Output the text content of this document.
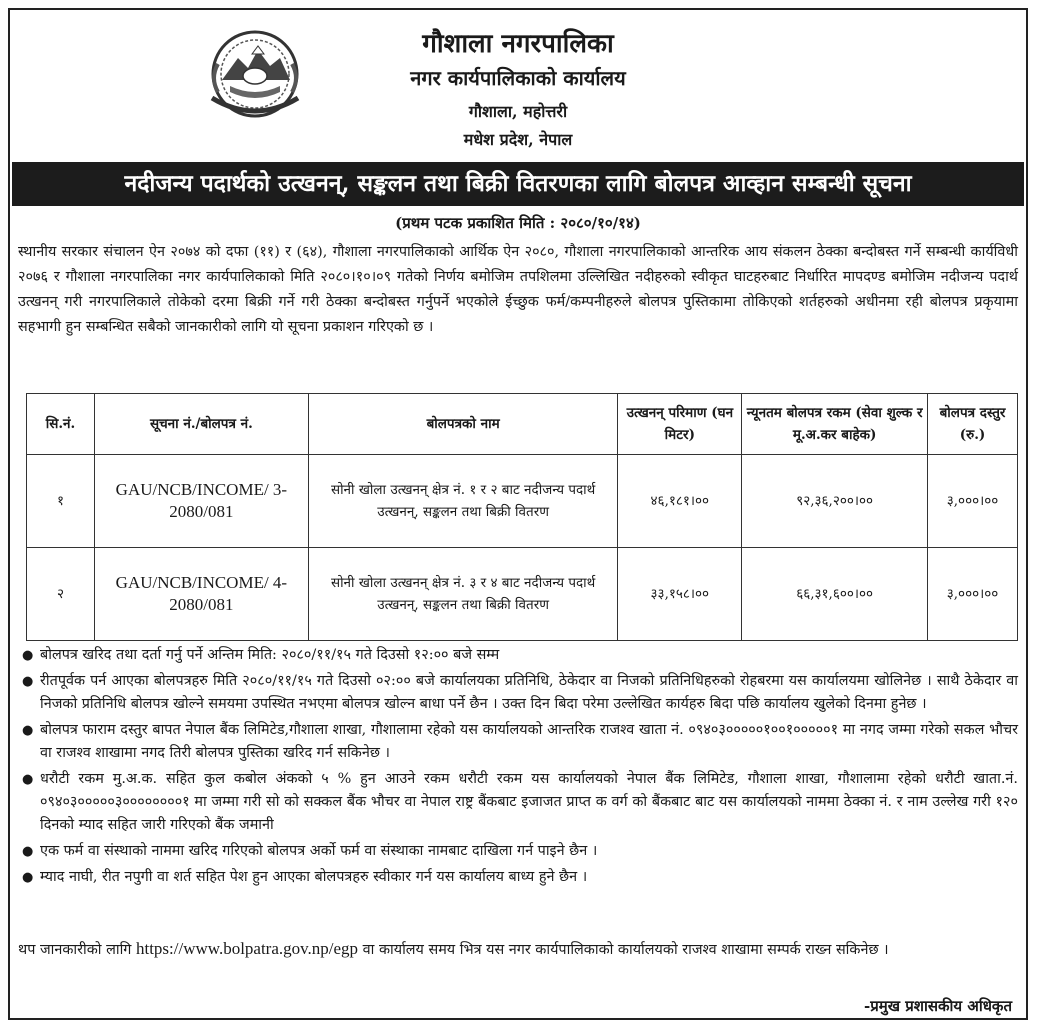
गौशाला नगरपालिका
नगर कार्यपालिकाको कार्यालय
गौशाला, महोत्तरी
मधेश प्रदेश, नेपाल
नदीजन्य पदार्थको उत्खनन्, सङ्कलन तथा बिक्री वितरणका लागि बोलपत्र आव्हान सम्बन्धी सूचना
(प्रथम पटक प्रकाशित मिति : २०८०/१०/१४)
स्थानीय सरकार संचालन ऐन २०७४ को दफा (११) र (६४), गौशाला नगरपालिकाको आर्थिक ऐन २०८०, गौशाला नगरपालिकाको आन्तरिक आय संकलन ठेक्का बन्दोबस्त गर्ने सम्बन्धी कार्यविधी २०७६ र गौशाला नगरपालिका नगर कार्यपालिकाको मिति २०८०।१०।०९ गतेको निर्णय बमोजिम तपशिलमा उल्लिखित नदीहरुको स्वीकृत घाटहरुबाट निर्धारित मापदण्ड बमोजिम नदीजन्य पदार्थ उत्खनन् गरी नगरपालिकाले तोकेको दरमा बिक्री गर्ने गरी ठेक्का बन्दोबस्त गर्नुपर्ने भएकोले ईच्छुक फर्म/कम्पनीहरुले बोलपत्र पुस्तिकामा तोकिएको शर्तहरुको अधीनमा रही बोलपत्र प्रकृयामा सहभागी हुन सम्बन्धित सबैको जानकारीको लागि यो सूचना प्रकाशन गरिएको छ ।
सि.नं.	सूचना नं./बोलपत्र नं.	बोलपत्रको नाम	उत्खनन् परिमाण (घन मिटर)	न्यूनतम बोलपत्र रकम (सेवा शुल्क र मू.अ.कर बाहेक)	बोलपत्र दस्तुर (रु.)
१	GAU/NCB/INCOME/ 3-2080/081	सोनी खोला उत्खनन् क्षेत्र नं. १ र २ बाट नदीजन्य पदार्थ उत्खनन्, सङ्कलन तथा बिक्री वितरण	४६,१८१।००	९२,३६,२००।००	३,०००।००
२	GAU/NCB/INCOME/ 4-2080/081	सोनी खोला उत्खनन् क्षेत्र नं. ३ र ४ बाट नदीजन्य पदार्थ उत्खनन्, सङ्कलन तथा बिक्री वितरण	३३,१५८।००	६६,३१,६००।००	३,०००।००
● बोलपत्र खरिद तथा दर्ता गर्नु पर्ने अन्तिम मिति: २०८०/११/१५ गते दिउसो १२:०० बजे सम्म
● रीतपूर्वक पर्न आएका बोलपत्रहरु मिति २०८०/११/१५ गते दिउसो ०२:०० बजे कार्यालयका प्रतिनिधि, ठेकेदार वा निजको प्रतिनिधिहरुको रोहबरमा यस कार्यालयमा खोलिनेछ । साथै ठेकेदार वा निजको प्रतिनिधि बोलपत्र खोल्ने समयमा उपस्थित नभएमा बोलपत्र खोल्न बाधा पर्ने छैन । उक्त दिन बिदा परेमा उल्लेखित कार्यहरु बिदा पछि कार्यालय खुलेको दिनमा हुनेछ ।
● बोलपत्र फाराम दस्तुर बापत नेपाल बैंक लिमिटेड,गौशाला शाखा, गौशालामा रहेको यस कार्यालयको आन्तरिक राजश्व खाता नं. ०९४०३०००००१००१०००००१ मा नगद जम्मा गरेको सकल भौचर वा राजश्व शाखामा नगद तिरी बोलपत्र पुस्तिका खरिद गर्न सकिनेछ ।
● धरौटी रकम मु.अ.क. सहित कुल कबोल अंकको ५ % हुन आउने रकम धरौटी रकम यस कार्यालयको नेपाल बैंक लिमिटेड, गौशाला शाखा, गौशालामा रहेको धरौटी खाता.नं. ०९४०३०००००३००००००००१ मा जम्मा गरी सो को सक्कल बैंक भौचर वा नेपाल राष्ट्र बैंकबाट इजाजत प्राप्त क वर्ग को बैंकबाट बाट यस कार्यालयको नाममा ठेक्का नं. र नाम उल्लेख गरी १२० दिनको म्याद सहित जारी गरिएको बैंक जमानी
● एक फर्म वा संस्थाको नाममा खरिद गरिएको बोलपत्र अर्को फर्म वा संस्थाका नामबाट दाखिला गर्न पाइने छैन ।
● म्याद नाघी, रीत नपुगी वा शर्त सहित पेश हुन आएका बोलपत्रहरु स्वीकार गर्न यस कार्यालय बाध्य हुने छैन ।
थप जानकारीको लागि https://www.bolpatra.gov.np/egp वा कार्यालय समय भित्र यस नगर कार्यपालिकाको कार्यालयको राजश्व शाखामा सम्पर्क राख्न सकिनेछ ।
-प्रमुख प्रशासकीय अधिकृत
